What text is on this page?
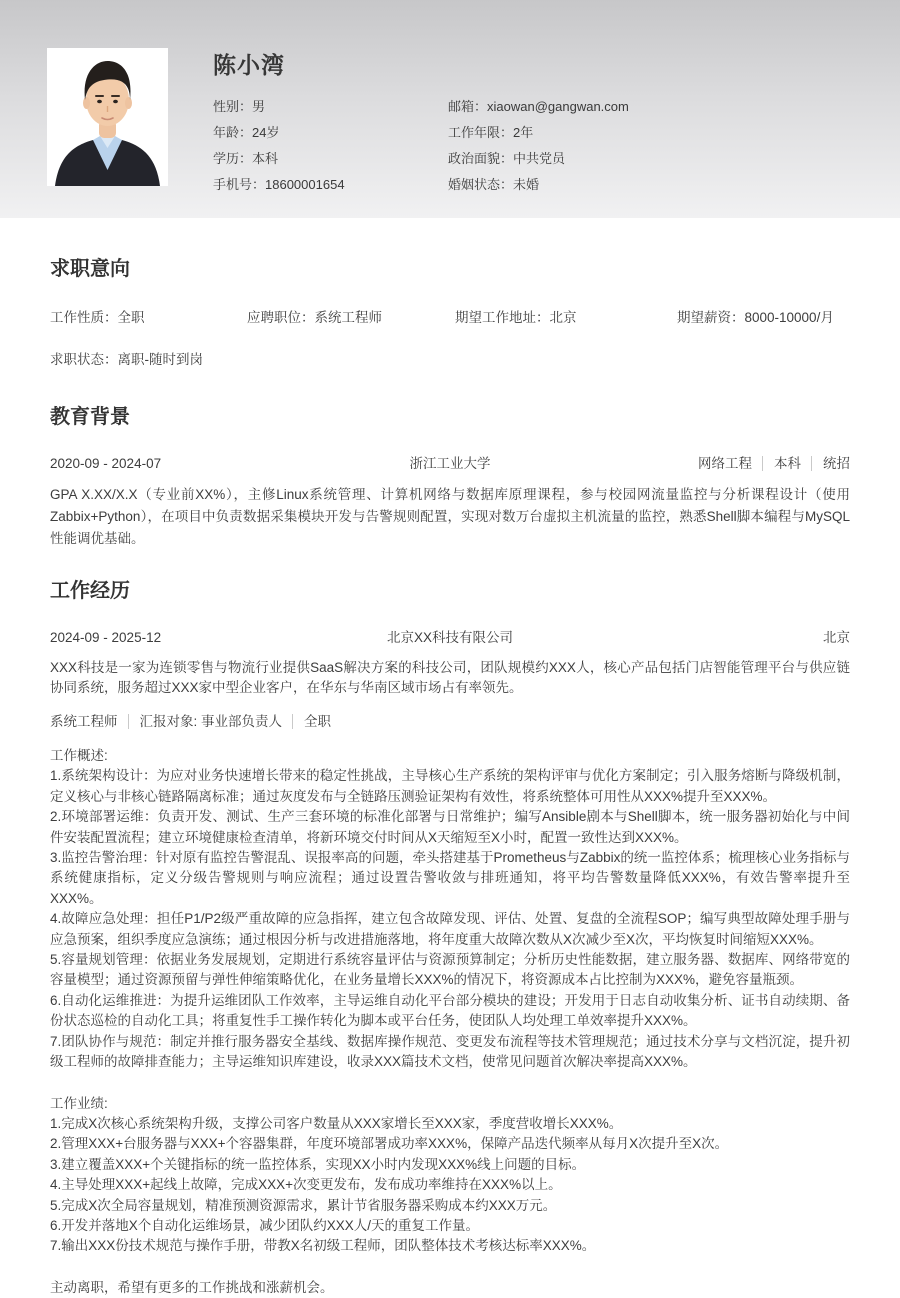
陈小湾
性别：男	邮箱：xiaowan@gangwan.com
年龄：24岁	工作年限：2年
学历：本科	政治面貌：中共党员
手机号：18600001654	婚姻状态：未婚
求职意向
工作性质：全职	应聘职位：系统工程师	期望工作地址：北京	期望薪资：8000-10000/月
求职状态：离职-随时到岗
教育背景
2020-09 - 2024-07	浙江工业大学	网络工程 本科 统招
GPA X.XX/X.X（专业前XX%），主修Linux系统管理、计算机网络与数据库原理课程，参与校园网流量监控与分析课程设计（使用Zabbix+Python），在项目中负责数据采集模块开发与告警规则配置，实现对数万台虚拟主机流量的监控，熟悉Shell脚本编程与MySQL性能调优基础。
工作经历
2024-09 - 2025-12	北京XX科技有限公司	北京
XXX科技是一家为连锁零售与物流行业提供SaaS解决方案的科技公司，团队规模约XXX人，核心产品包括门店智能管理平台与供应链协同系统，服务超过XXX家中型企业客户，在华东与华南区域市场占有率领先。
系统工程师 汇报对象: 事业部负责人 全职
工作概述:
1.系统架构设计：为应对业务快速增长带来的稳定性挑战，主导核心生产系统的架构评审与优化方案制定；引入服务熔断与降级机制，定义核心与非核心链路隔离标准；通过灰度发布与全链路压测验证架构有效性，将系统整体可用性从XXX%提升至XXX%。
2.环境部署运维：负责开发、测试、生产三套环境的标准化部署与日常维护；编写Ansible剧本与Shell脚本，统一服务器初始化与中间件安装配置流程；建立环境健康检查清单，将新环境交付时间从X天缩短至X小时，配置一致性达到XXX%。
3.监控告警治理：针对原有监控告警混乱、误报率高的问题，牵头搭建基于Prometheus与Zabbix的统一监控体系；梳理核心业务指标与系统健康指标，定义分级告警规则与响应流程；通过设置告警收敛与排班通知，将平均告警数量降低XXX%，有效告警率提升至XXX%。
4.故障应急处理：担任P1/P2级严重故障的应急指挥，建立包含故障发现、评估、处置、复盘的全流程SOP；编写典型故障处理手册与应急预案，组织季度应急演练；通过根因分析与改进措施落地，将年度重大故障次数从X次减少至X次，平均恢复时间缩短XXX%。
5.容量规划管理：依据业务发展规划，定期进行系统容量评估与资源预算制定；分析历史性能数据，建立服务器、数据库、网络带宽的容量模型；通过资源预留与弹性伸缩策略优化，在业务量增长XXX%的情况下，将资源成本占比控制为XXX%，避免容量瓶颈。
6.自动化运维推进：为提升运维团队工作效率，主导运维自动化平台部分模块的建设；开发用于日志自动收集分析、证书自动续期、备份状态巡检的自动化工具；将重复性手工操作转化为脚本或平台任务，使团队人均处理工单效率提升XXX%。
7.团队协作与规范：制定并推行服务器安全基线、数据库操作规范、变更发布流程等技术管理规范；通过技术分享与文档沉淀，提升初级工程师的故障排查能力；主导运维知识库建设，收录XXX篇技术文档，使常见问题首次解决率提高XXX%。
工作业绩:
1.完成X次核心系统架构升级，支撑公司客户数量从XXX家增长至XXX家，季度营收增长XXX%。
2.管理XXX+台服务器与XXX+个容器集群，年度环境部署成功率XXX%，保障产品迭代频率从每月X次提升至X次。
3.建立覆盖XXX+个关键指标的统一监控体系，实现XX小时内发现XXX%线上问题的目标。
4.主导处理XXX+起线上故障，完成XXX+次变更发布，发布成功率维持在XXX%以上。
5.完成X次全局容量规划，精准预测资源需求，累计节省服务器采购成本约XXX万元。
6.开发并落地X个自动化运维场景，减少团队约XXX人/天的重复工作量。
7.输出XXX份技术规范与操作手册，带教X名初级工程师，团队整体技术考核达标率XXX%。
主动离职，希望有更多的工作挑战和涨薪机会。
